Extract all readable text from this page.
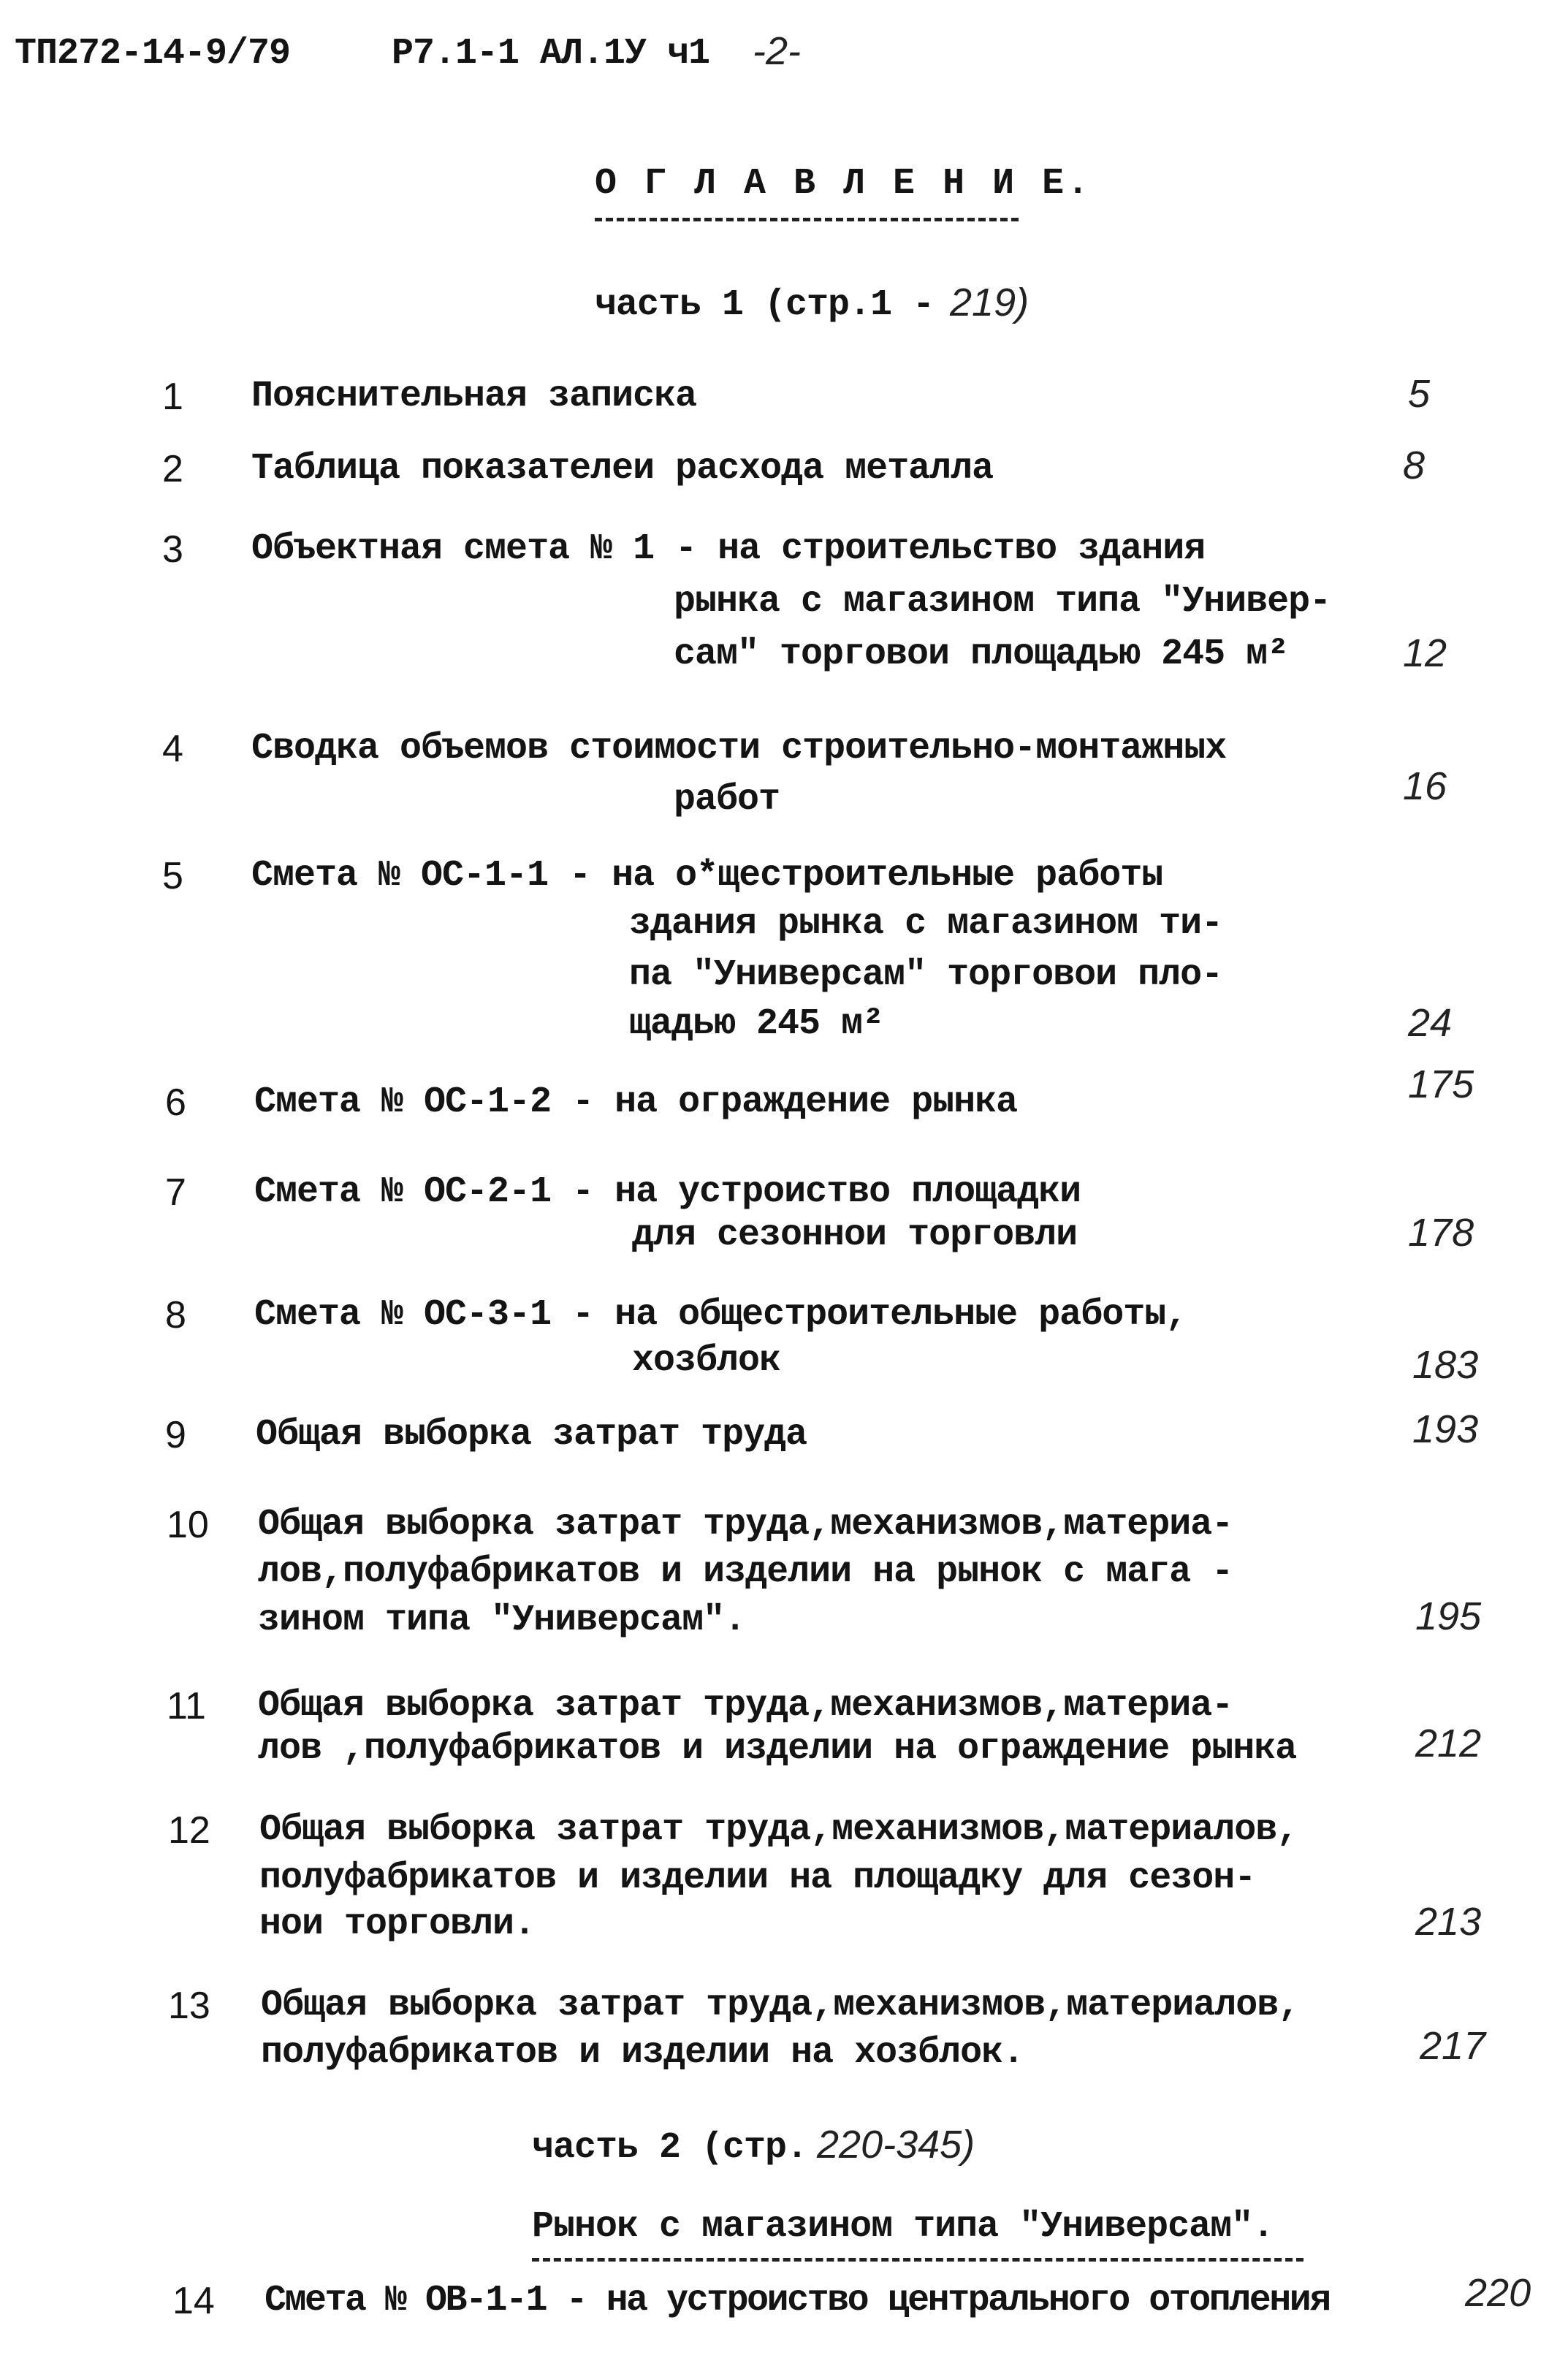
ТП272-14-9/79	Р7.1-1 АЛ.1У ч1 -2-
О Г Л А В Л Е Н И Е.
часть 1 (стр.1 - 219)
1 Пояснительная записка	5
2 Таблица показателеи расхода металла	8
3 Объектная смета № 1 - на строительство здания
рынка с магазином типа "Универ-
сам" торговои площадью 245 м²	12
4 Сводка объемов стоимости строительно-монтажных
работ	16
5 Смета № ОС-1-1 - на о*щестроительные работы
здания рынка с магазином ти-
па "Универсам" торговои пло-
щадью 245 м²	24
6 Смета № ОС-1-2 - на ограждение рынка	175
7 Смета № ОС-2-1 - на устроиство площадки
для сезоннои торговли	178
8 Смета № ОС-3-1 - на общестроительные работы,
хозблок	183
9 Общая выборка затрат труда	193
10 Общая выборка затрат труда,механизмов,материа-
лов,полуфабрикатов и изделии на рынок с мага -
зином типа "Универсам".	195
11 Общая выборка затрат труда,механизмов,материа-
лов ,полуфабрикатов и изделии на ограждение рынка	212
12 Общая выборка затрат труда,механизмов,материалов,
полуфабрикатов и изделии на площадку для сезон-
нои торговли.	213
13 Общая выборка затрат труда,механизмов,материалов,
полуфабрикатов и изделии на хозблок.	217
часть 2 (стр. 220-345)
Рынок с магазином типа "Универсам".
14 Смета № ОВ-1-1 - на устроиство центрального отопления	220
